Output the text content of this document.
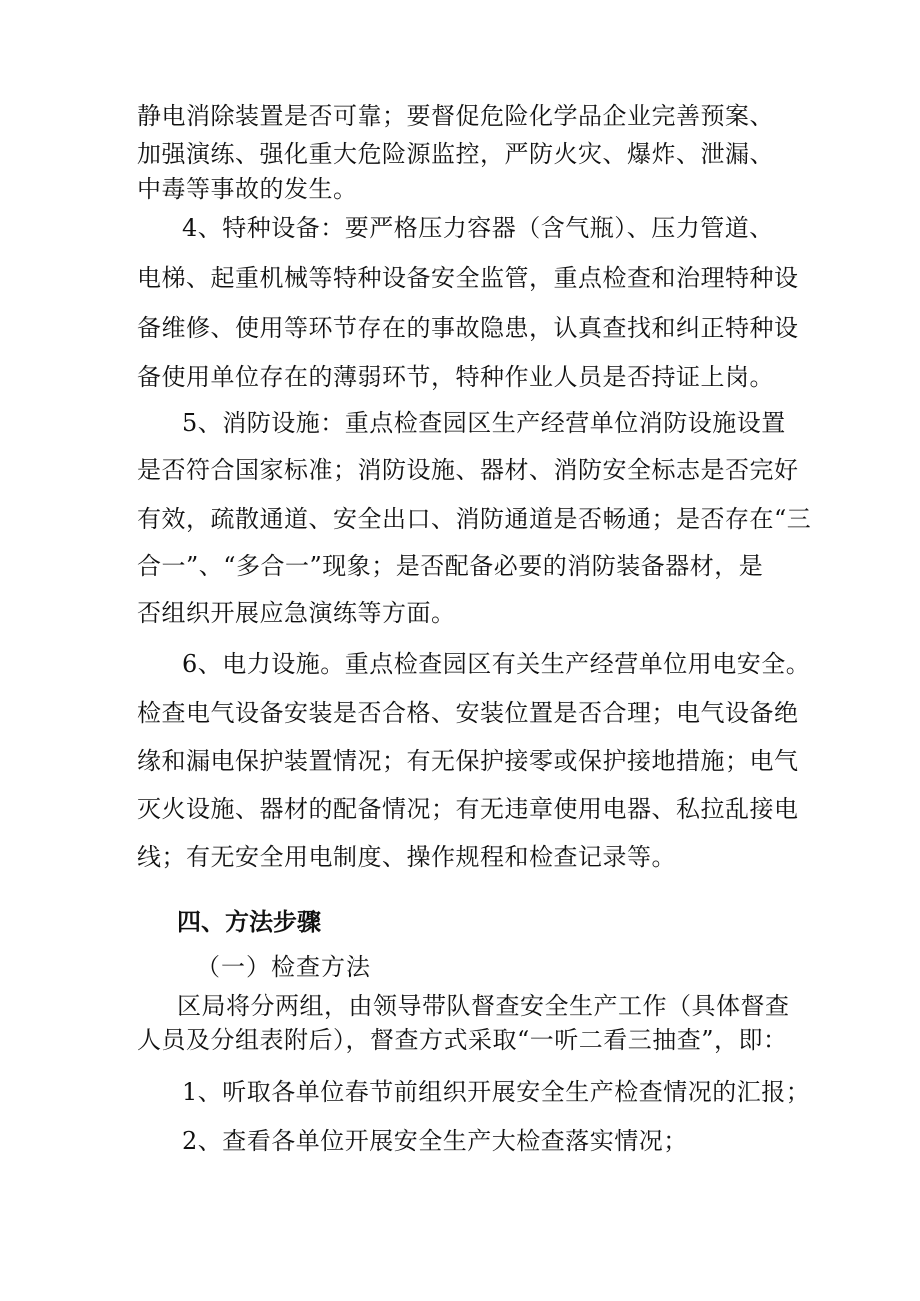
静电消除装置是否可靠；要督促危险化学品企业完善预案、
加强演练、强化重大危险源监控，严防火灾、爆炸、泄漏、
中毒等事故的发生。
4、特种设备：要严格压力容器（含气瓶）、压力管道、
电梯、起重机械等特种设备安全监管，重点检查和治理特种设
备维修、使用等环节存在的事故隐患，认真查找和纠正特种设
备使用单位存在的薄弱环节，特种作业人员是否持证上岗。
5、消防设施：重点检查园区生产经营单位消防设施设置
是否符合国家标准；消防设施、器材、消防安全标志是否完好
有效，疏散通道、安全出口、消防通道是否畅通；是否存在“三
合一”、“多合一”现象；是否配备必要的消防装备器材，是
否组织开展应急演练等方面。
6、电力设施。重点检查园区有关生产经营单位用电安全。
检查电气设备安装是否合格、安装位置是否合理；电气设备绝
缘和漏电保护装置情况；有无保护接零或保护接地措施；电气
灭火设施、器材的配备情况；有无违章使用电器、私拉乱接电
线；有无安全用电制度、操作规程和检查记录等。
四、方法步骤
（一）检查方法
区局将分两组，由领导带队督查安全生产工作（具体督查
人员及分组表附后），督查方式采取“一听二看三抽查”，即：
1、听取各单位春节前组织开展安全生产检查情况的汇报；
2、查看各单位开展安全生产大检查落实情况；
